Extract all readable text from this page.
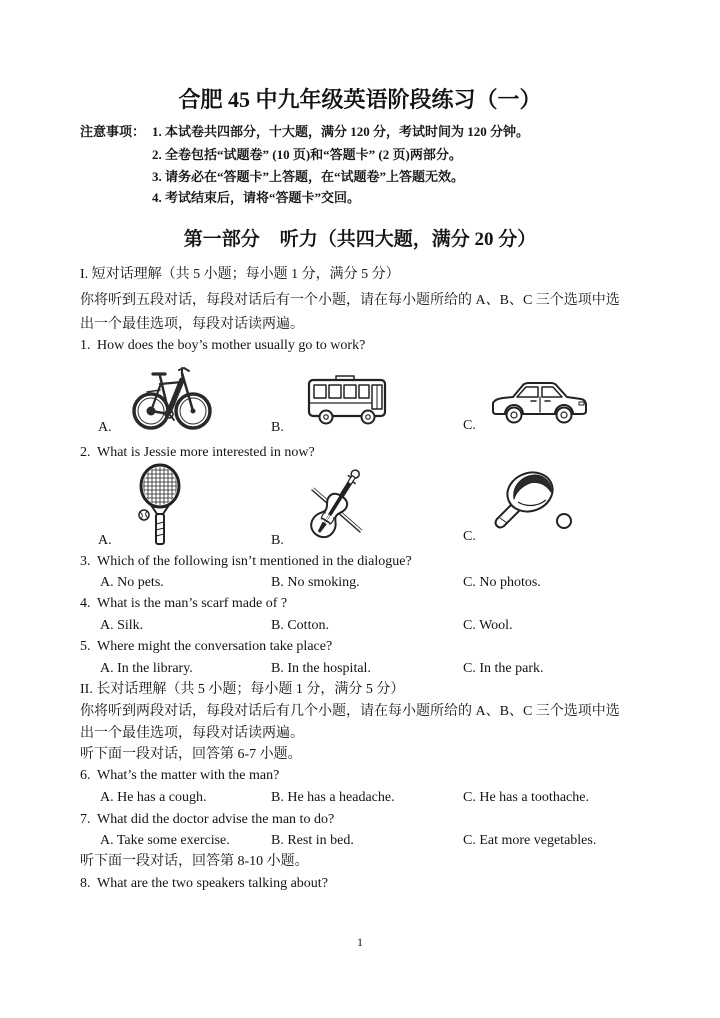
合肥 45 中九年级英语阶段练习（一）
注意事项： 1. 本试卷共四部分，十大题，满分 120 分，考试时间为 120 分钟。
2. 全卷包括“试题卷” (10 页)和“答题卡” (2 页)两部分。
3. 请务必在“答题卡”上答题，在“试题卷”上答题无效。
4. 考试结束后，请将“答题卡”交回。
第一部分 听力（共四大题，满分 20 分）
I. 短对话理解（共 5 小题；每小题 1 分，满分 5 分）
你将听到五段对话，每段对话后有一个小题，请在每小题所给的 A、B、C 三个选项中选
出一个最佳选项，每段对话读两遍。
1. How does the boy’s mother usually go to work?
A.	B.	C.
2. What is Jessie more interested in now?
A.	B.	C.
3. Which of the following isn’t mentioned in the dialogue?
A. No pets.	B. No smoking.	C. No photos.
4. What is the man’s scarf made of ?
A. Silk.	B. Cotton.	C. Wool.
5. Where might the conversation take place?
A. In the library.	B. In the hospital.	C. In the park.
II. 长对话理解（共 5 小题；每小题 1 分，满分 5 分）
你将听到两段对话，每段对话后有几个小题，请在每小题所给的 A、B、C 三个选项中选
出一个最佳选项，每段对话读两遍。
听下面一段对话，回答第 6-7 小题。
6. What’s the matter with the man?
A. He has a cough.	B. He has a headache.	C. He has a toothache.
7. What did the doctor advise the man to do?
A. Take some exercise.	B. Rest in bed.	C. Eat more vegetables.
听下面一段对话，回答第 8-10 小题。
8. What are the two speakers talking about?
1
